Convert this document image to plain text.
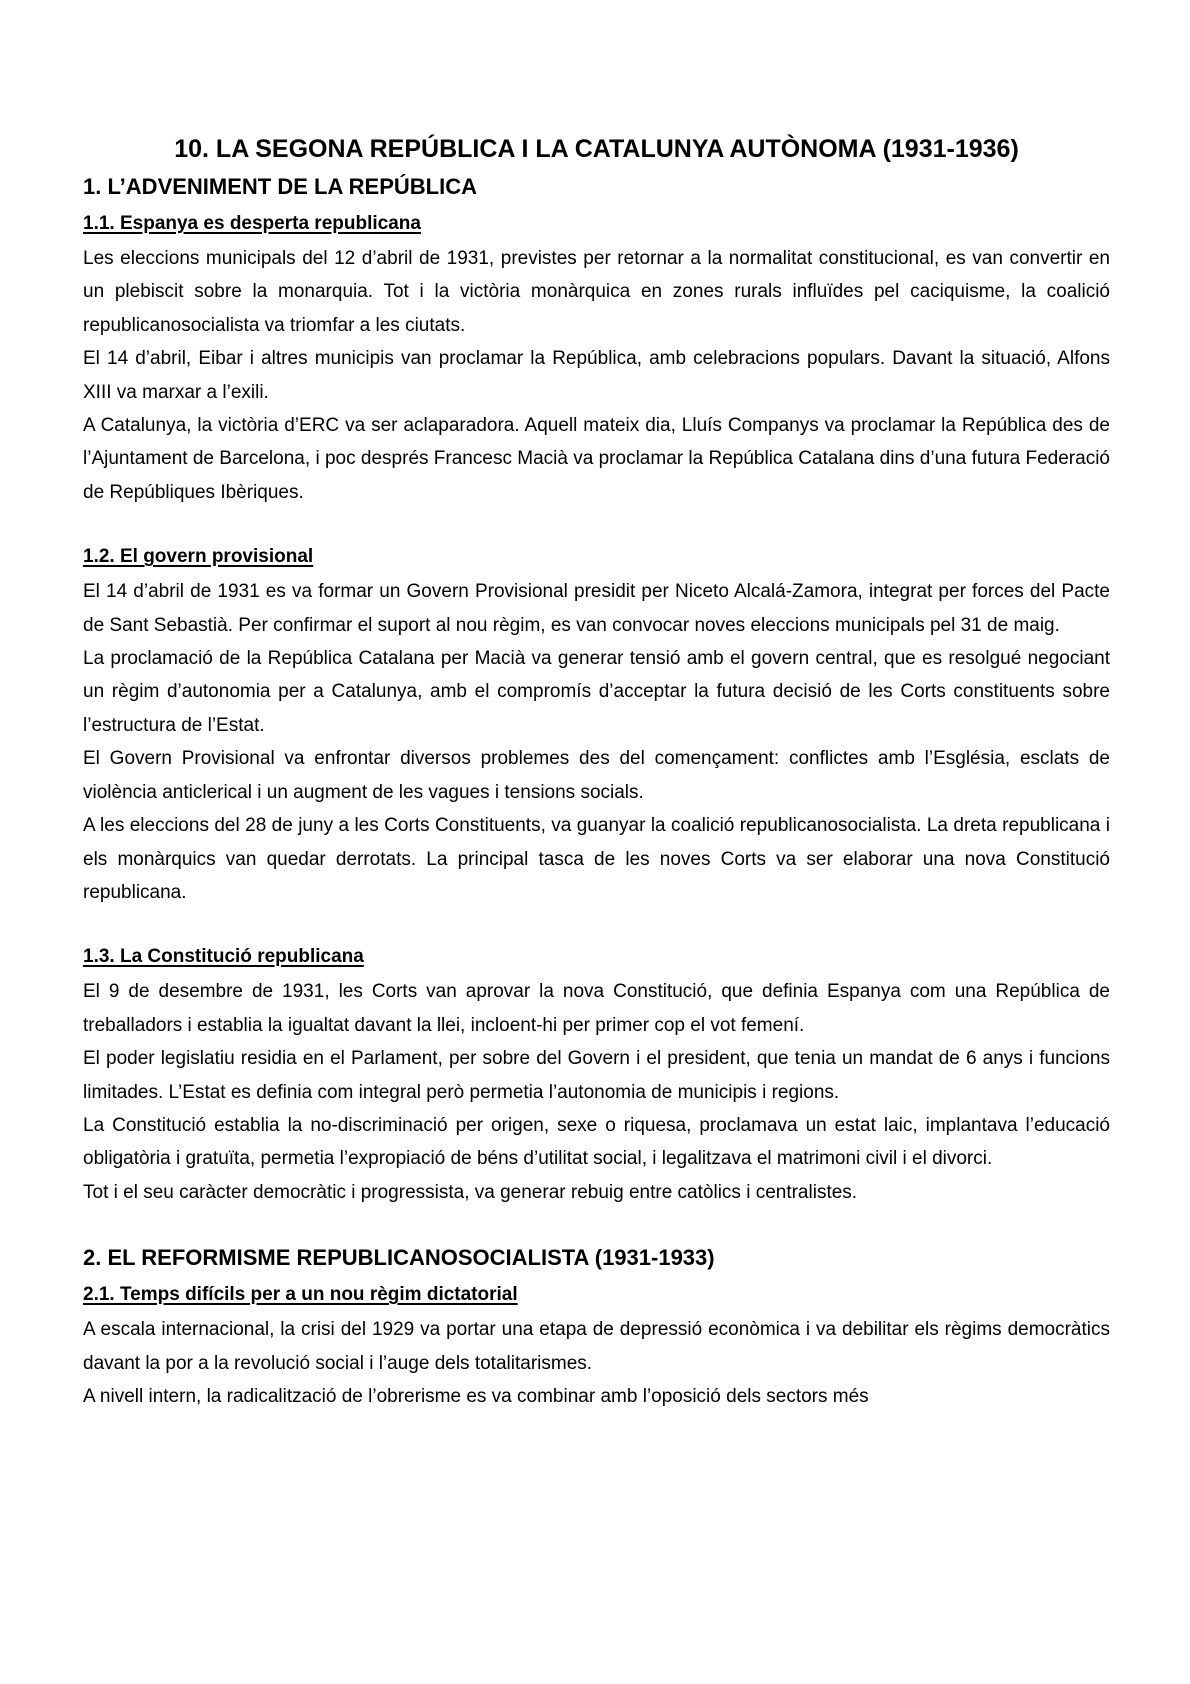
10. LA SEGONA REPÚBLICA I LA CATALUNYA AUTÒNOMA (1931-1936)
1. L’ADVENIMENT DE LA REPÚBLICA
1.1. Espanya es desperta republicana

Les eleccions municipals del 12 d’abril de 1931, previstes per retornar a la normalitat constitucional, es van convertir en un plebiscit sobre la monarquia. Tot i la victòria monàrquica en zones rurals influïdes pel caciquisme, la coalició republicanosocialista va triomfar a les ciutats.

El 14 d’abril, Eibar i altres municipis van proclamar la República, amb celebracions populars. Davant la situació, Alfons XIII va marxar a l’exili.

A Catalunya, la victòria d’ERC va ser aclaparadora. Aquell mateix dia, Lluís Companys va proclamar la República des de l’Ajuntament de Barcelona, i poc després Francesc Macià va proclamar la República Catalana dins d’una futura Federació de Repúbliques Ibèriques.

1.2. El govern provisional

El 14 d’abril de 1931 es va formar un Govern Provisional presidit per Niceto Alcalá-Zamora, integrat per forces del Pacte de Sant Sebastià. Per confirmar el suport al nou règim, es van convocar noves eleccions municipals pel 31 de maig.

La proclamació de la República Catalana per Macià va generar tensió amb el govern central, que es resolgué negociant un règim d’autonomia per a Catalunya, amb el compromís d’acceptar la futura decisió de les Corts constituents sobre l’estructura de l’Estat.

El Govern Provisional va enfrontar diversos problemes des del començament: conflictes amb l’Església, esclats de violència anticlerical i un augment de les vagues i tensions socials.

A les eleccions del 28 de juny a les Corts Constituents, va guanyar la coalició republicanosocialista. La dreta republicana i els monàrquics van quedar derrotats. La principal tasca de les noves Corts va ser elaborar una nova Constitució republicana.

1.3. La Constitució republicana

El 9 de desembre de 1931, les Corts van aprovar la nova Constitució, que definia Espanya com una República de treballadors i establia la igualtat davant la llei, incloent-hi per primer cop el vot femení.

El poder legislatiu residia en el Parlament, per sobre del Govern i el president, que tenia un mandat de 6 anys i funcions limitades. L’Estat es definia com integral però permetia l’autonomia de municipis i regions.

La Constitució establia la no-discriminació per origen, sexe o riquesa, proclamava un estat laic, implantava l’educació obligatòria i gratuïta, permetia l’expropiació de béns d’utilitat social, i legalitzava el matrimoni civil i el divorci.

Tot i el seu caràcter democràtic i progressista, va generar rebuig entre catòlics i centralistes.

2. EL REFORMISME REPUBLICANOSOCIALISTA (1931-1933)
2.1. Temps difícils per a un nou règim dictatorial

A escala internacional, la crisi del 1929 va portar una etapa de depressió econòmica i va debilitar els règims democràtics davant la por a la revolució social i l’auge dels totalitarismes.

A nivell intern, la radicalització de l’obrerisme es va combinar amb l’oposició dels sectors més
